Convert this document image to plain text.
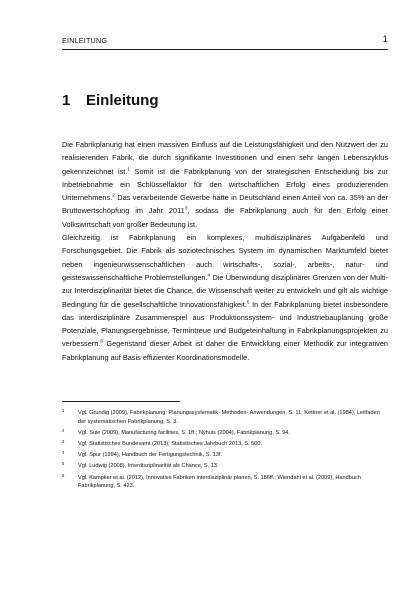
EINLEITUNG	1
1 Einleitung

Die Fabrikplanung hat einen massiven Einfluss auf die Leistungsfähigkeit und den Nutzwert der zu realisierenden Fabrik, die durch signifikante Investitionen und einen sehr langen Lebenszyklus gekennzeichnet ist.$^1$ Somit ist die Fabrikplanung von der strategischen Entscheidung bis zur Inbetriebnahme ein Schlüsselfaktor für den wirtschaftlichen Erfolg eines produzierenden Unternehmens.$^2$ Das verarbeitende Gewerbe hatte in Deutschland einen Anteil von ca. 35% an der Bruttowertschöpfung im Jahr 2011$^3$, sodass die Fabrikplanung auch für den Erfolg einer Volkswirtschaft von großer Bedeutung ist.

Gleichzeitig ist Fabrikplanung ein komplexes, multidisziplinäres Aufgabenfeld und Forschungsgebiet. Die Fabrik als soziotechnisches System im dynamischen Marktumfeld bietet neben ingenieurwissenschaftlichen auch wirtschafts-, sozial-, arbeits-, natur- und geisteswissenschaftliche Problemstellungen.$^4$ Die Überwindung disziplinärer Grenzen von der Multi- zur Interdisziplinarität bietet die Chance, die Wissenschaft weiter zu entwickeln und gilt als wichtige Bedingung für die gesellschaftliche Innovationsfähigkeit.$^5$ In der Fabrikplanung bietet insbesondere das interdisziplinäre Zusammenspiel aus Produktionssystem- und Industriebauplanung große Potenziale, Planungsergebnisse, Termintreue und Budgeteinhaltung in Fabrikplanungsprojekten zu verbessern.$^6$ Gegenstand dieser Arbeit ist daher die Entwicklung einer Methodik zur integrativen Fabrikplanung auf Basis effizienter Koordinationsmodelle.

1 Vgl. Grundig (2009), Fabrikplanung: Planungssystematik- Methoden- Anwendungen, S. 11; Kettner et al. (1984), Leitfaden der systematischen Fabrikplanung, S. 3.
2 Vgl. Suie (2009), Manufacturing facilities, S. 1ff.; Nyhuis (2004), Fabrikplanung, S. 94.
3 Vgl. Statistisches Bundesamt (2013), Statistisches Jahrbuch 2013, S. 500.
4 Vgl. Spur (1994), Handbuch der Fertigungstechnik, S. 13f.
5 Vgl. Ludwig (2008), Interdisziplinarität als Chance, S. 13.
6 Vgl. Kampker et al. (2012), Innovative Fabriken interdisziplinär planen, S. 186ff.; Wiendahl et al. (2009), Handbuch Fabrikplanung, S. 423.
